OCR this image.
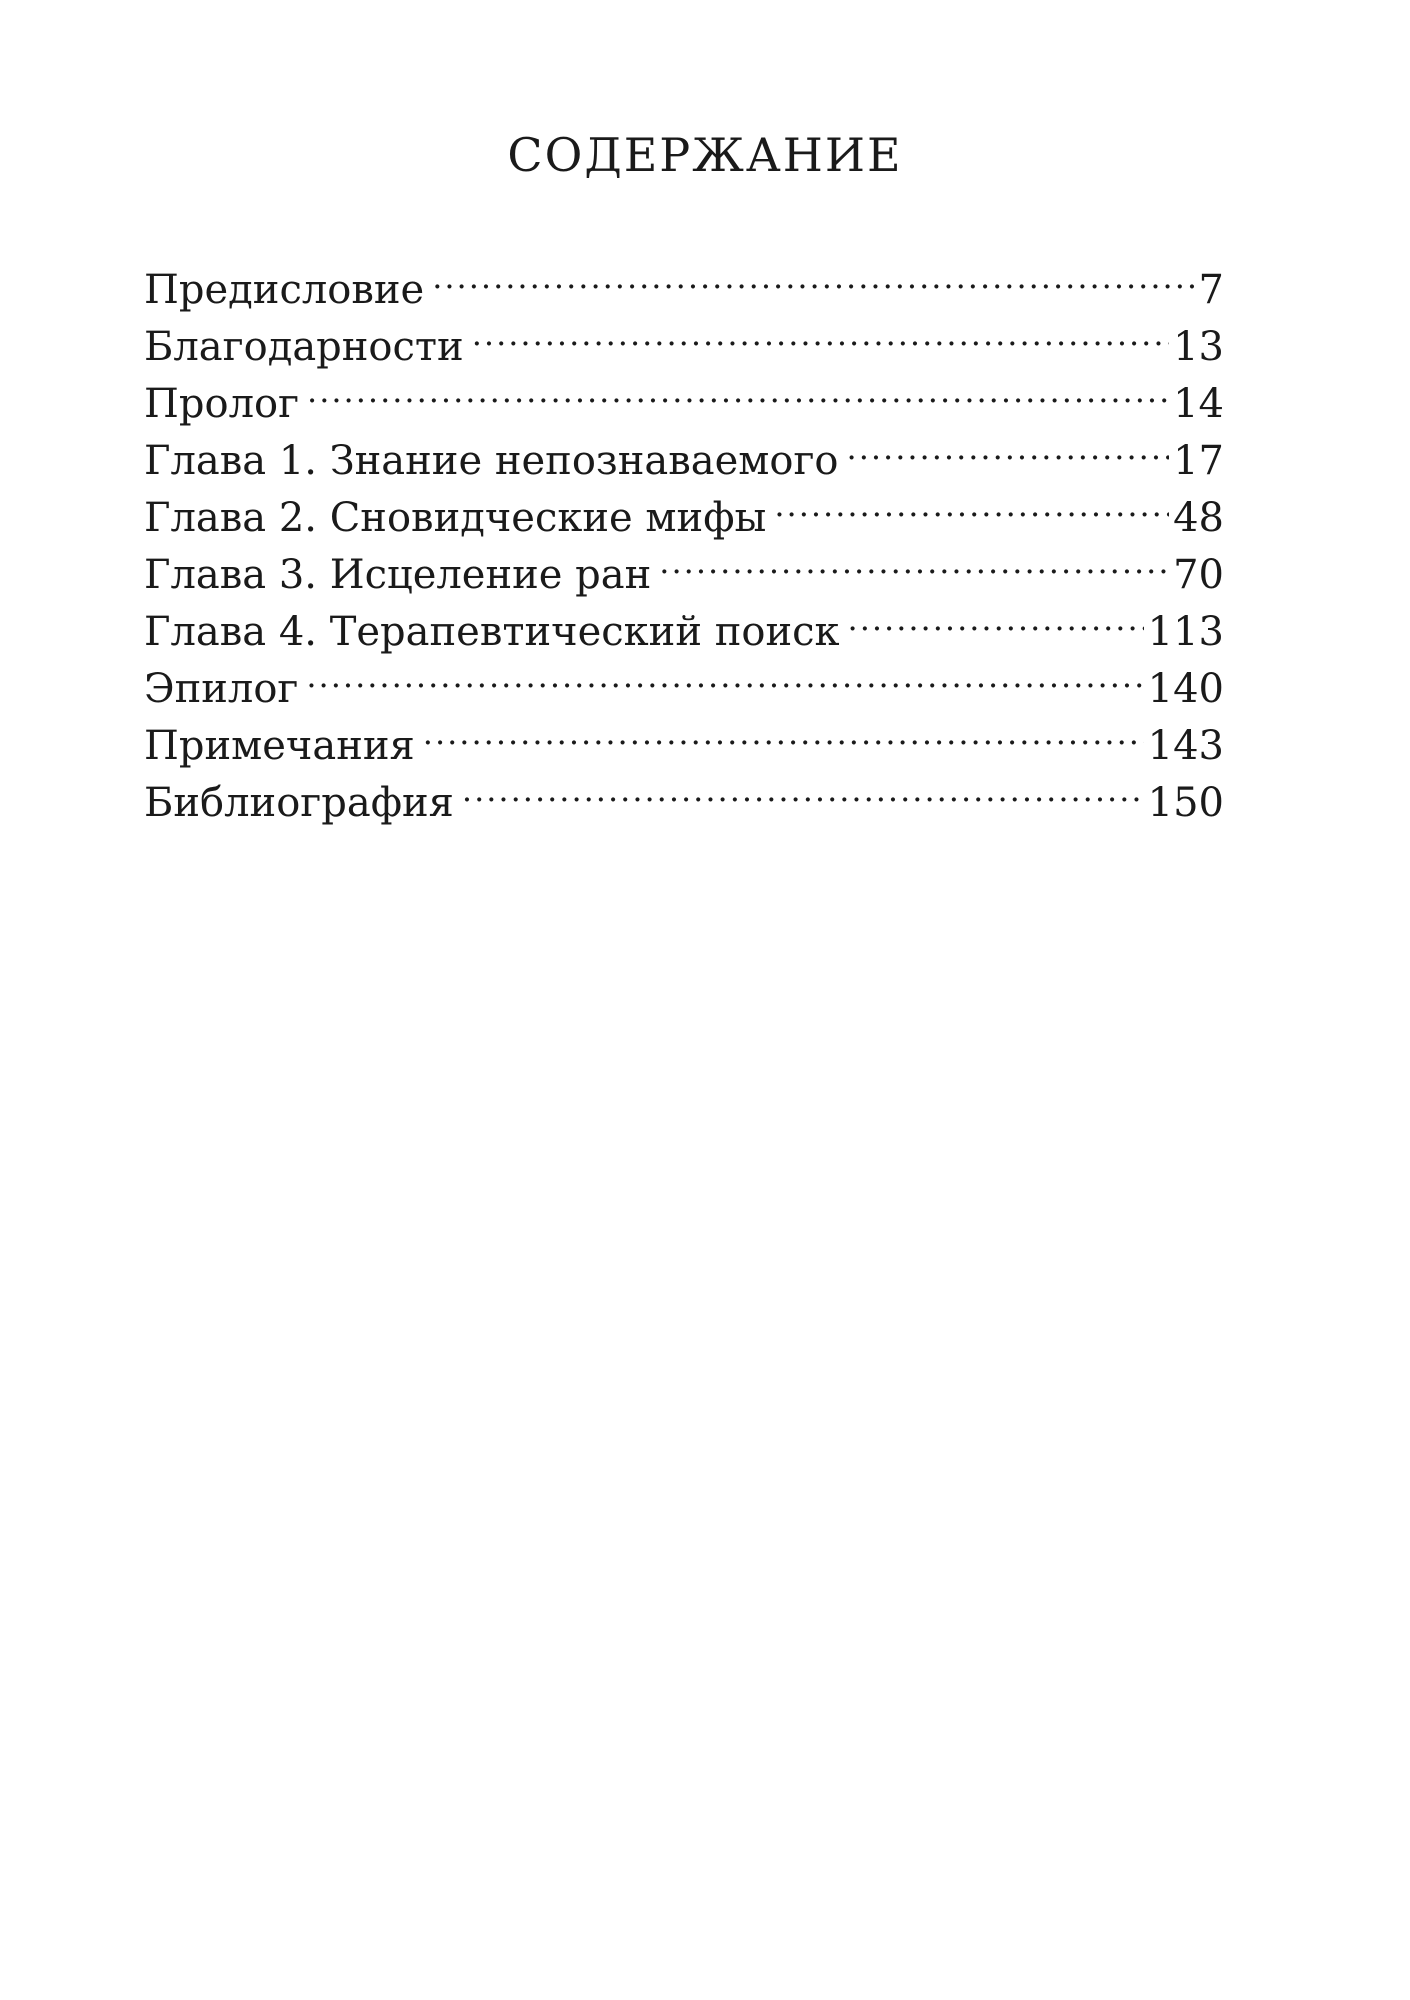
СОДЕРЖАНИЕ
Предисловие .....	7
Благодарности .....	13
Пролог .....	14
Глава 1. Знание непознаваемого .....	17
Глава 2. Сновидческие мифы .....	48
Глава 3. Исцеление ран .....	70
Глава 4. Терапевтический поиск .....	113
Эпилог .....	140
Примечания .....	143
Библиография .....	150
